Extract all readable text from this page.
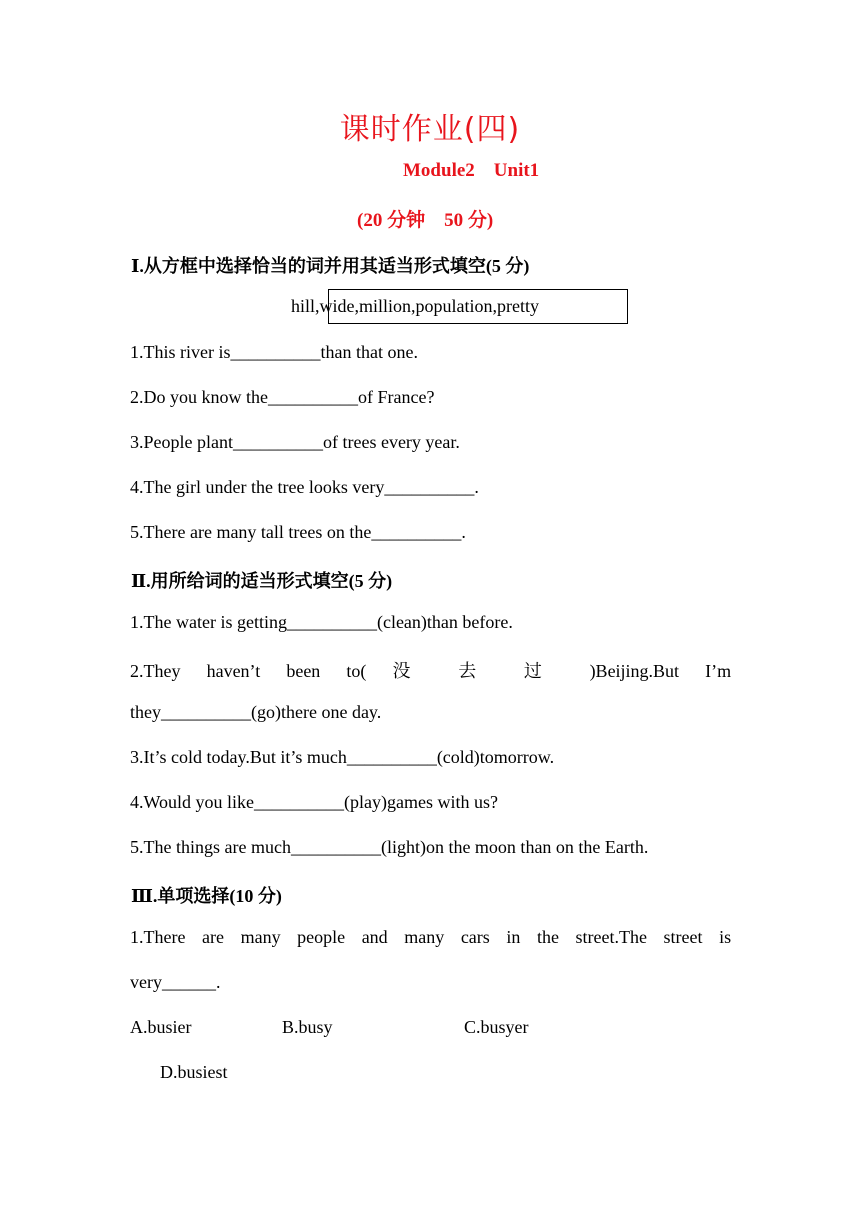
课时作业(四)
Module2    Unit1
(20 分钟    50 分)
Ⅰ.从方框中选择恰当的词并用其适当形式填空(5 分)
hill,wide,million,population,pretty
1.This river is__________than that one.
2.Do you know the__________of France?
3.People plant__________of trees every year.
4.The girl under the tree looks very__________.
5.There are many tall trees on the__________.
Ⅱ.用所给词的适当形式填空(5 分)
1.The water is getting__________(clean)than before.
2.They haven’t been to( 没 去 过 )Beijing.But I’m
they__________(go)there one day.
3.It’s cold today.But it’s much__________(cold)tomorrow.
4.Would you like__________(play)games with us?
5.The things are much__________(light)on the moon than on the Earth.
Ⅲ.单项选择(10 分)
1.There are many people and many cars in the street.The street is
very______.
A.busier	B.busy	C.busyer
D.busiest
